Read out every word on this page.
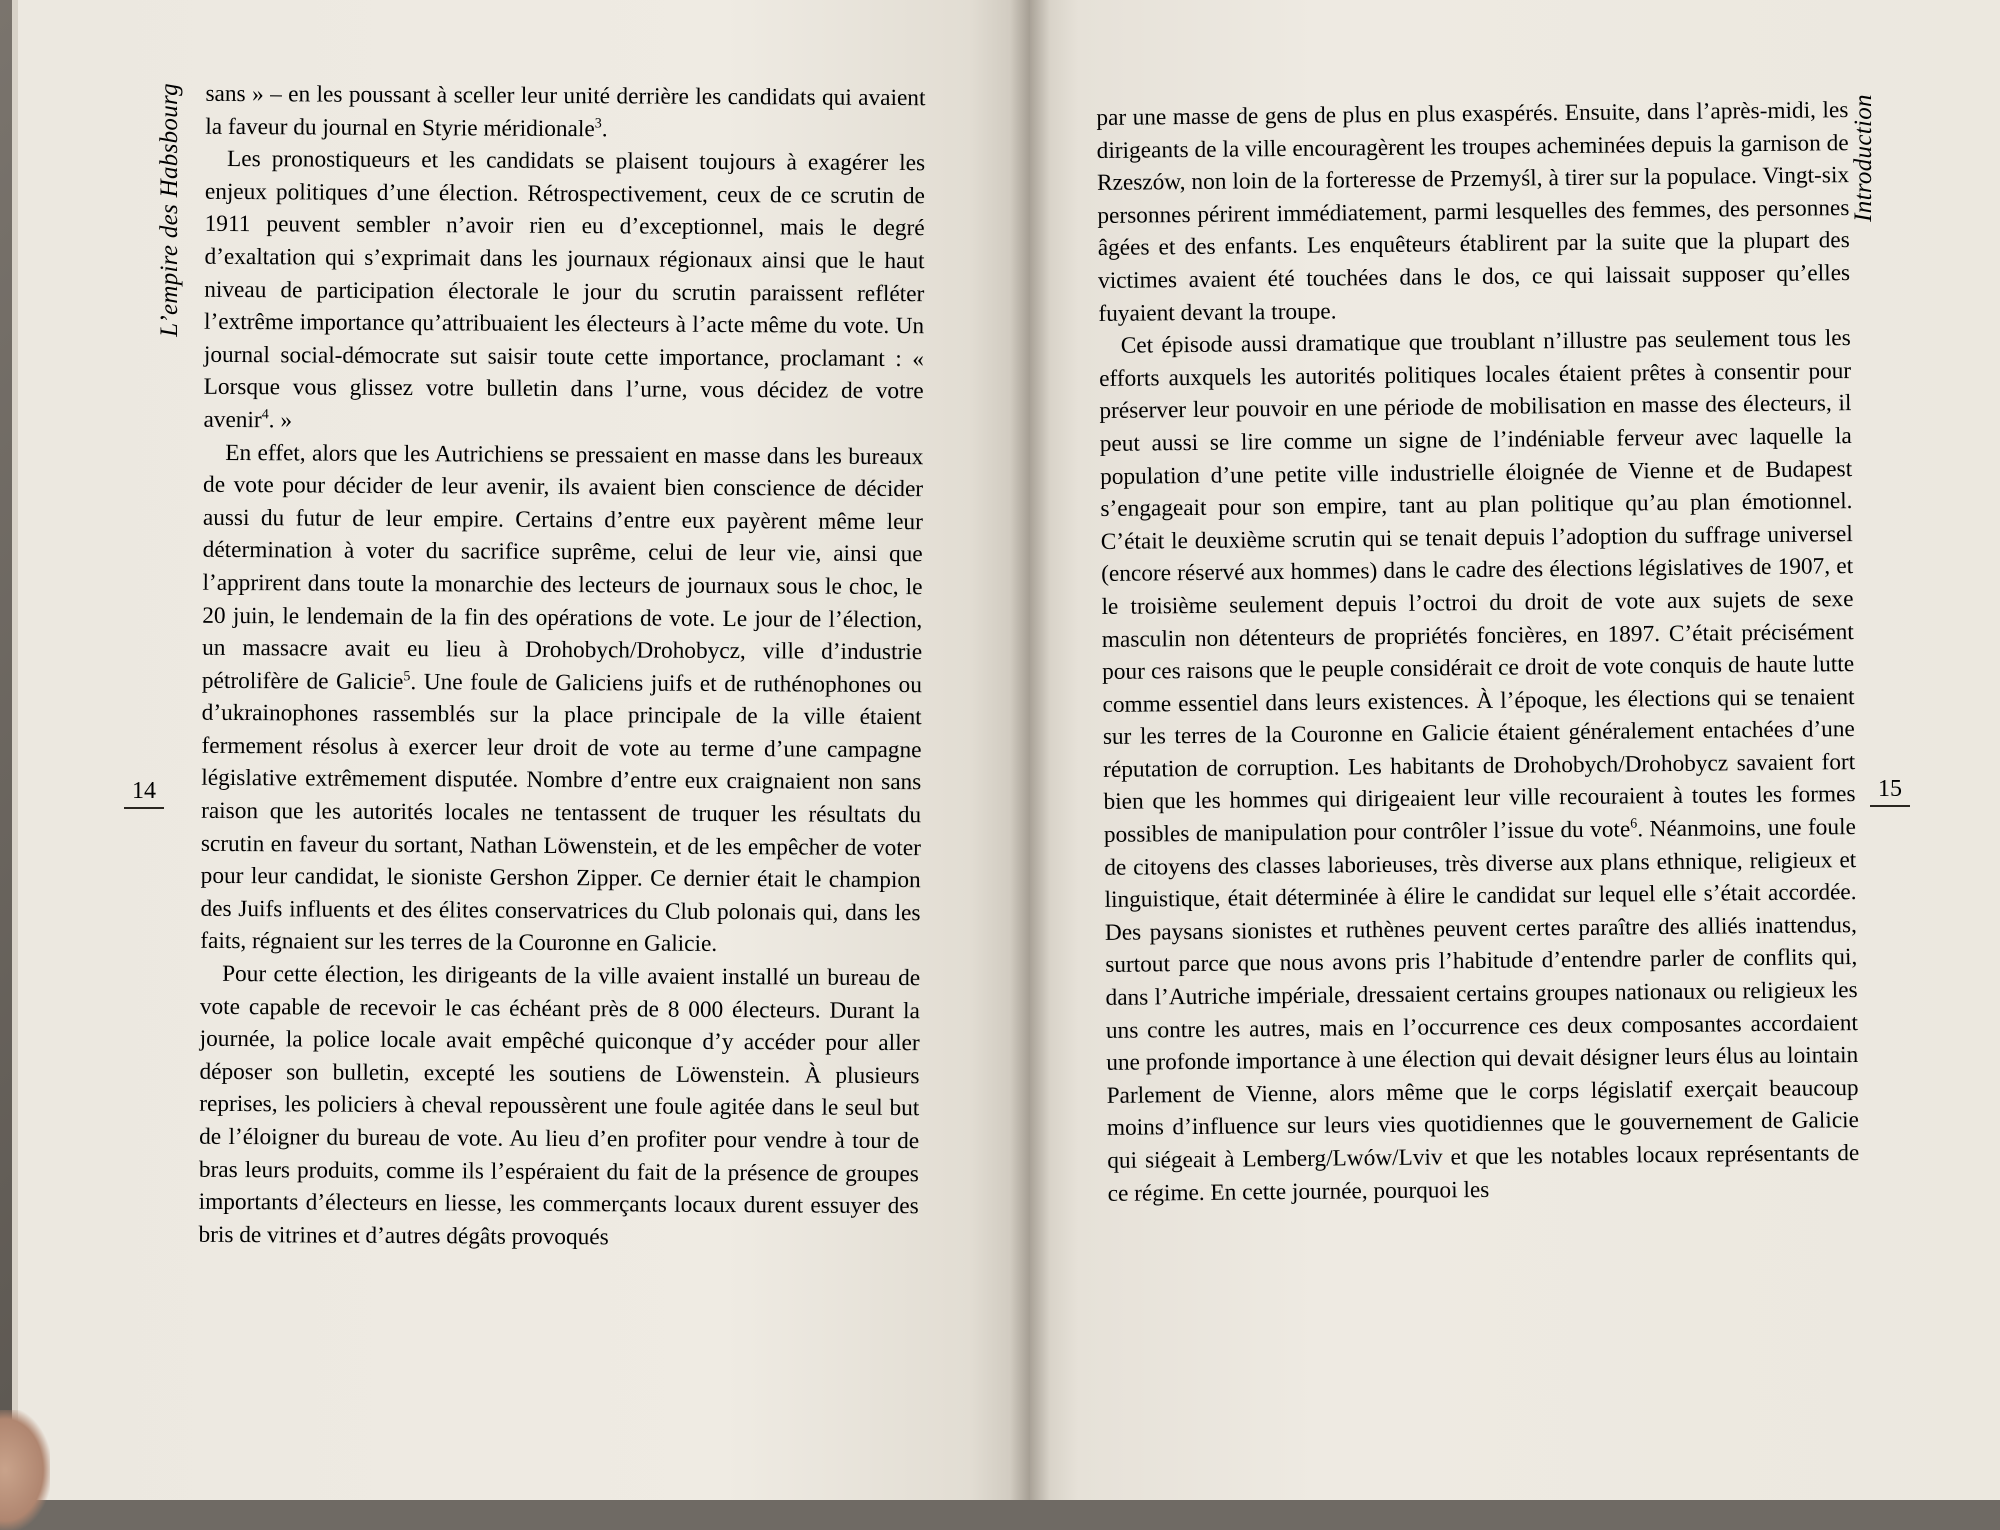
L’empire des Habsbourg
14
Introduction
15

sans » – en les poussant à sceller leur unité derrière les candidats qui avaient la faveur du journal en Styrie méridionale$^3$.

Les pronostiqueurs et les candidats se plaisent toujours à exagérer les enjeux politiques d’une élection. Rétrospectivement, ceux de ce scrutin de 1911 peuvent sembler n’avoir rien eu d’exceptionnel, mais le degré d’exaltation qui s’exprimait dans les journaux régionaux ainsi que le haut niveau de participation électorale le jour du scrutin paraissent refléter l’extrême importance qu’attribuaient les électeurs à l’acte même du vote. Un journal social-démocrate sut saisir toute cette importance, proclamant : « Lorsque vous glissez votre bulletin dans l’urne, vous décidez de votre avenir$^4$. »

En effet, alors que les Autrichiens se pressaient en masse dans les bureaux de vote pour décider de leur avenir, ils avaient bien conscience de décider aussi du futur de leur empire. Certains d’entre eux payèrent même leur détermination à voter du sacrifice suprême, celui de leur vie, ainsi que l’apprirent dans toute la monarchie des lecteurs de journaux sous le choc, le 20 juin, le lendemain de la fin des opérations de vote. Le jour de l’élection, un massacre avait eu lieu à Drohobych/Drohobycz, ville d’industrie pétrolifère de Galicie$^5$. Une foule de Galiciens juifs et de ruthénophones ou d’ukrainophones rassemblés sur la place principale de la ville étaient fermement résolus à exercer leur droit de vote au terme d’une campagne législative extrêmement disputée. Nombre d’entre eux craignaient non sans raison que les autorités locales ne tentassent de truquer les résultats du scrutin en faveur du sortant, Nathan Löwenstein, et de les empêcher de voter pour leur candidat, le sioniste Gershon Zipper. Ce dernier était le champion des Juifs influents et des élites conservatrices du Club polonais qui, dans les faits, régnaient sur les terres de la Couronne en Galicie.

Pour cette élection, les dirigeants de la ville avaient installé un bureau de vote capable de recevoir le cas échéant près de 8 000 électeurs. Durant la journée, la police locale avait empêché quiconque d’y accéder pour aller déposer son bulletin, excepté les soutiens de Löwenstein. À plusieurs reprises, les policiers à cheval repoussèrent une foule agitée dans le seul but de l’éloigner du bureau de vote. Au lieu d’en profiter pour vendre à tour de bras leurs produits, comme ils l’espéraient du fait de la présence de groupes importants d’électeurs en liesse, les commerçants locaux durent essuyer des bris de vitrines et d’autres dégâts provoqués

par une masse de gens de plus en plus exaspérés. Ensuite, dans l’après-midi, les dirigeants de la ville encouragèrent les troupes acheminées depuis la garnison de Rzeszów, non loin de la forteresse de Przemyśl, à tirer sur la populace. Vingt-six personnes périrent immédiatement, parmi lesquelles des femmes, des personnes âgées et des enfants. Les enquêteurs établirent par la suite que la plupart des victimes avaient été touchées dans le dos, ce qui laissait supposer qu’elles fuyaient devant la troupe.

Cet épisode aussi dramatique que troublant n’illustre pas seulement tous les efforts auxquels les autorités politiques locales étaient prêtes à consentir pour préserver leur pouvoir en une période de mobilisation en masse des électeurs, il peut aussi se lire comme un signe de l’indéniable ferveur avec laquelle la population d’une petite ville industrielle éloignée de Vienne et de Budapest s’engageait pour son empire, tant au plan politique qu’au plan émotionnel. C’était le deuxième scrutin qui se tenait depuis l’adoption du suffrage universel (encore réservé aux hommes) dans le cadre des élections législatives de 1907, et le troisième seulement depuis l’octroi du droit de vote aux sujets de sexe masculin non détenteurs de propriétés foncières, en 1897. C’était précisément pour ces raisons que le peuple considérait ce droit de vote conquis de haute lutte comme essentiel dans leurs existences. À l’époque, les élections qui se tenaient sur les terres de la Couronne en Galicie étaient généralement entachées d’une réputation de corruption. Les habitants de Drohobych/Drohobycz savaient fort bien que les hommes qui dirigeaient leur ville recouraient à toutes les formes possibles de manipulation pour contrôler l’issue du vote$^6$. Néanmoins, une foule de citoyens des classes laborieuses, très diverse aux plans ethnique, religieux et linguistique, était déterminée à élire le candidat sur lequel elle s’était accordée. Des paysans sionistes et ruthènes peuvent certes paraître des alliés inattendus, surtout parce que nous avons pris l’habitude d’entendre parler de conflits qui, dans l’Autriche impériale, dressaient certains groupes nationaux ou religieux les uns contre les autres, mais en l’occurrence ces deux composantes accordaient une profonde importance à une élection qui devait désigner leurs élus au lointain Parlement de Vienne, alors même que le corps législatif exerçait beaucoup moins d’influence sur leurs vies quotidiennes que le gouvernement de Galicie qui siégeait à Lemberg/Lwów/Lviv et que les notables locaux représentants de ce régime. En cette journée, pourquoi les
